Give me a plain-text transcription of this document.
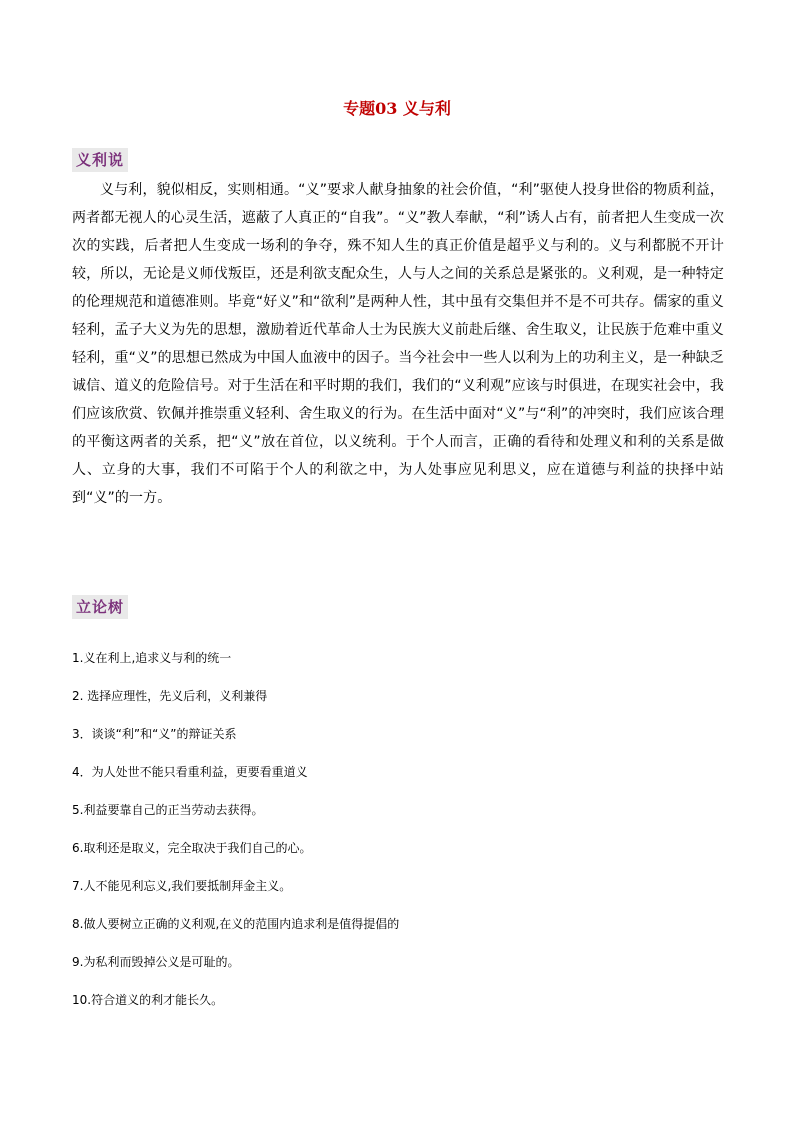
专题03 义与利
义利说

义与利，貌似相反，实则相通。“义”要求人献身抽象的社会价值，“利”驱使人投身世俗的物质利益，两者都无视人的心灵生活，遮蔽了人真正的“自我”。“义”教人奉献，“利”诱人占有，前者把人生变成一次次的实践，后者把人生变成一场利的争夺，殊不知人生的真正价值是超乎义与利的。义与利都脱不开计较，所以，无论是义师伐叛臣，还是利欲支配众生，人与人之间的关系总是紧张的。义利观，是一种特定的伦理规范和道德准则。毕竟“好义”和“欲利”是两种人性，其中虽有交集但并不是不可共存。儒家的重义轻利，孟子大义为先的思想，激励着近代革命人士为民族大义前赴后继、舍生取义，让民族于危难中重义轻利，重“义”的思想已然成为中国人血液中的因子。当今社会中一些人以利为上的功利主义，是一种缺乏诚信、道义的危险信号。对于生活在和平时期的我们，我们的“义利观”应该与时俱进，在现实社会中，我们应该欣赏、钦佩并推崇重义轻利、舍生取义的行为。在生活中面对“义”与“利”的冲突时，我们应该合理的平衡这两者的关系，把“义”放在首位，以义统利。于个人而言，正确的看待和处理义和利的关系是做人、立身的大事，我们不可陷于个人的利欲之中，为人处事应见利思义，应在道德与利益的抉择中站到“义”的一方。

立论树
1.义在利上,追求义与利的统一
2. 选择应理性，先义后利，义利兼得
3．谈谈“利”和“义”的辩证关系
4．为人处世不能只看重利益，更要看重道义
5.利益要靠自己的正当劳动去获得。
6.取利还是取义，完全取决于我们自己的心。
7.人不能见利忘义,我们要抵制拜金主义。
8.做人要树立正确的义利观,在义的范围内追求利是值得提倡的
9.为私利而毁掉公义是可耻的。
10.符合道义的利才能长久。
